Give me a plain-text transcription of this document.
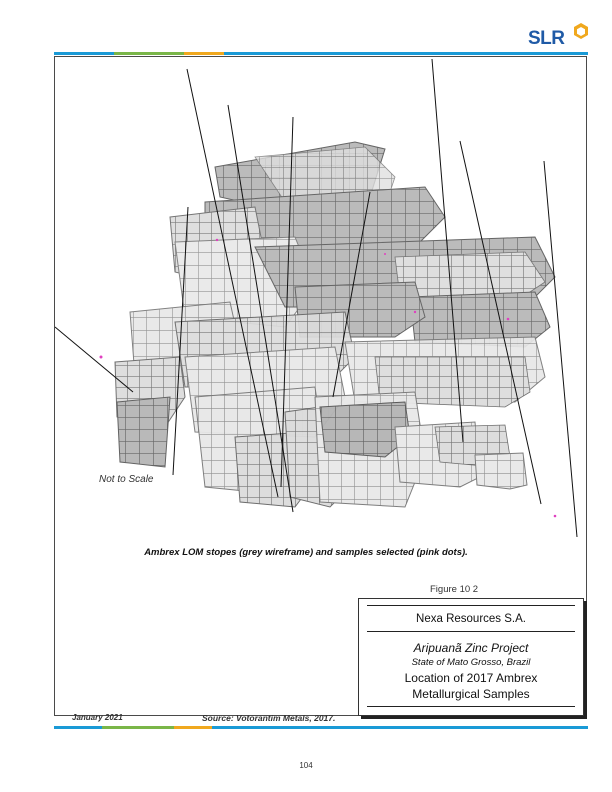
SLR
Not to Scale
Ambrex LOM stopes (grey wireframe) and samples selected (pink dots).
Figure 10 2
Nexa Resources S.A.
Aripuanã Zinc Project
State of Mato Grosso, Brazil
Location of 2017 Ambrex
Metallurgical Samples
January 2021	Source: Votorantim Metals, 2017.
104
